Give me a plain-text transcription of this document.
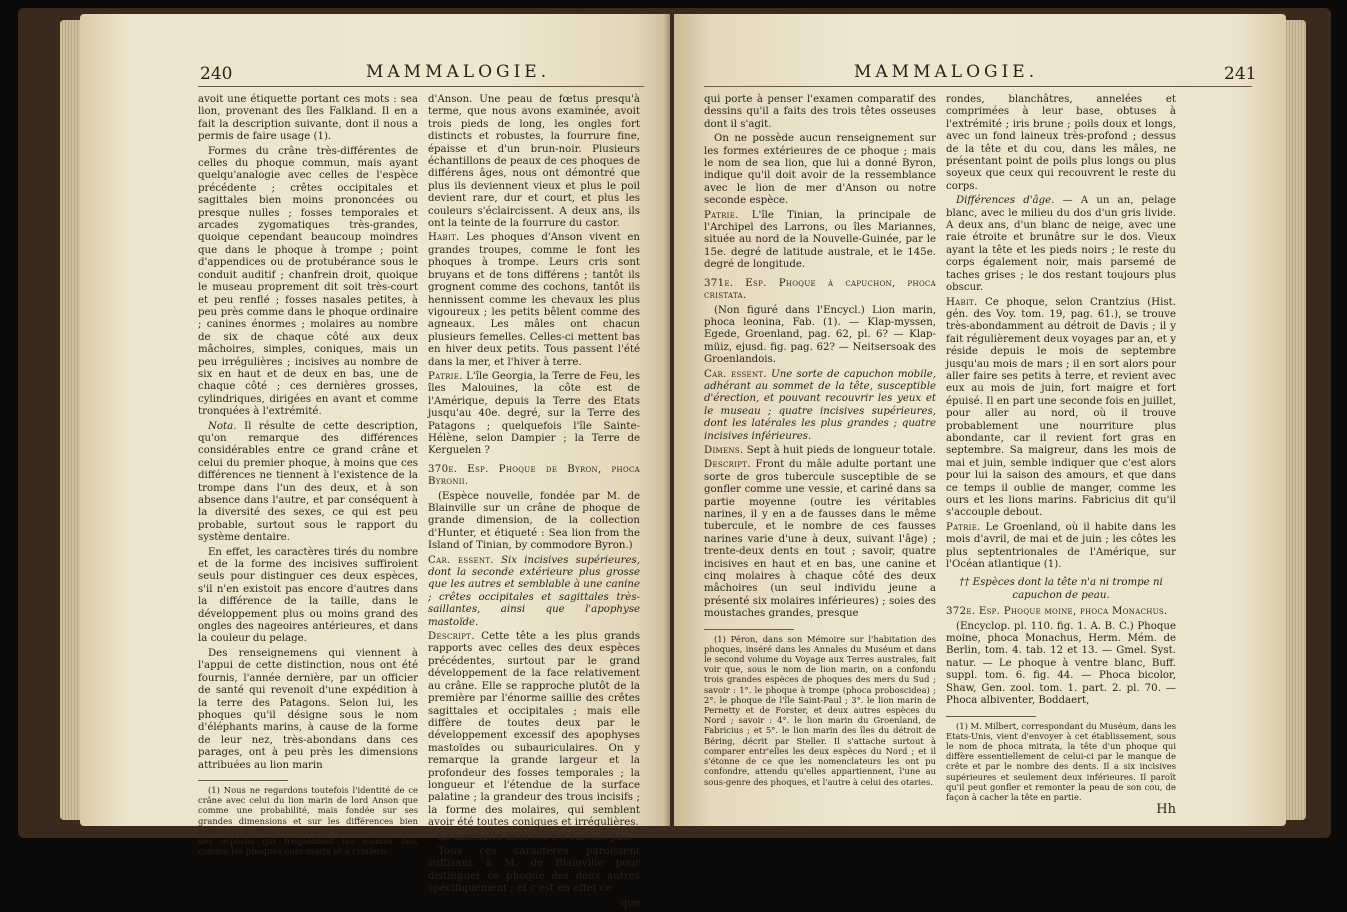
240	MAMMALOGIE.

avoit une étiquette portant ces mots : sea lion, provenant des îles Falkland. Il en a fait la description suivante, dont il nous a permis de faire usage (1).

Formes du crâne très-différentes de celles du phoque commun, mais ayant quelqu'analogie avec celles de l'espèce précédente ; crêtes occipitales et sagittales bien moins prononcées ou presque nulles ; fosses temporales et arcades zygomatiques très-grandes, quoique cependant beaucoup moindres que dans le phoque à trompe ; point d'appendices ou de protubérance sous le conduit auditif ; chanfrein droit, quoique le museau proprement dit soit très-court et peu renflé ; fosses nasales petites, à peu près comme dans le phoque ordinaire ; canines énormes ; molaires au nombre de six de chaque côté aux deux mâchoires, simples, coniques, mais un peu irrégulières ; incisives au nombre de six en haut et de deux en bas, une de chaque côté ; ces dernières grosses, cylindriques, dirigées en avant et comme tronquées à l'extrémité.

Nota. Il résulte de cette description, qu'on remarque des différences considérables entre ce grand crâne et celui du premier phoque, à moins que ces différences ne tiennent à l'existence de la trompe dans l'un des deux, et à son absence dans l'autre, et par conséquent à la diversité des sexes, ce qui est peu probable, surtout sous le rapport du système dentaire.

En effet, les caractères tirés du nombre et de la forme des incisives suffiroient seuls pour distinguer ces deux espèces, s'il n'en existoit pas encore d'autres dans la différence de la taille, dans le développement plus ou moins grand des ongles des nageoires antérieures, et dans la couleur du pelage.

Des renseignemens qui viennent à l'appui de cette distinction, nous ont été fournis, l'année dernière, par un officier de santé qui revenoit d'une expédition à la terre des Patagons. Selon lui, les phoques qu'il désigne sous le nom d'éléphants marins, à cause de la forme de leur nez, très-abondans dans ces parages, ont à peu près les dimensions attribuées au lion marin

(1) Nous ne regardons toutefois l'identité de ce crâne avec celui du lion marin de lord Anson que comme une probabilité, mais fondée sur ses grandes dimensions et sur les différences bien réelles qu'il offre, lorsqu'on le compare avec ceux des espèces qui fréquentent les mêmes îles, comme les phoques ours-marin et à crinière.

d'Anson. Une peau de fœtus presqu'à terme, que nous avons examinée, avoit trois pieds de long, les ongles fort distincts et robustes, la fourrure fine, épaisse et d'un brun-noir. Plusieurs échantillons de peaux de ces phoques de différens âges, nous ont démontré que plus ils deviennent vieux et plus le poil devient rare, dur et court, et plus les couleurs s'éclaircissent. A deux ans, ils ont la teinte de la fourrure du castor.

Habit. Les phoques d'Anson vivent en grandes troupes, comme le font les phoques à trompe. Leurs cris sont bruyans et de tons différens ; tantôt ils grognent comme des cochons, tantôt ils hennissent comme les chevaux les plus vigoureux ; les petits bêlent comme des agneaux. Les mâles ont chacun plusieurs femelles. Celles-ci mettent bas en hiver deux petits. Tous passent l'été dans la mer, et l'hiver à terre.

Patrie. L'île Georgia, la Terre de Feu, les îles Malouines, la côte est de l'Amérique, depuis la Terre des Etats jusqu'au 40e. degré, sur la Terre des Patagons ; quelquefois l'île Sainte-Hélène, selon Dampier ; la Terre de Kerguelen ?

370e. Esp. Phoque de Byron, phoca Byronii.

(Espèce nouvelle, fondée par M. de Blainville sur un crâne de phoque de grande dimension, de la collection d'Hunter, et étiqueté : Sea lion from the Island of Tinian, by commodore Byron.)

Car. essent. Six incisives supérieures, dont la seconde extérieure plus grosse que les autres et semblable à une canine ; crêtes occipitales et sagittales très-saillantes, ainsi que l'apophyse mastoïde.

Descript. Cette tête a les plus grands rapports avec celles des deux espèces précédentes, surtout par le grand développement de la face relativement au crâne. Elle se rapproche plutôt de la première par l'énorme saillie des crêtes sagittales et occipitales ; mais elle diffère de toutes deux par le développement excessif des apophyses mastoïdes ou subauriculaires. On y remarque la grande largeur et la profondeur des fosses temporales ; la longueur et l'étendue de la surface palatine ; la grandeur des trous incisifs ; la forme des molaires, qui semblent avoir été toutes coniques et irrégulières.

La mâchoire inférieure n'existoit pas.

Tous ces caractères paroissent suffisans à M. de Blainville pour distinguer ce phoque des deux autres spécifiquement ; et c'est en effet ce

que

MAMMALOGIE.	241

qui porte à penser l'examen comparatif des dessins qu'il a faits des trois têtes osseuses dont il s'agit.

On ne possède aucun renseignement sur les formes extérieures de ce phoque ; mais le nom de sea lion, que lui a donné Byron, indique qu'il doit avoir de la ressemblance avec le lion de mer d'Anson ou notre seconde espèce.

Patrie. L'île Tinian, la principale de l'Archipel des Larrons, ou îles Mariannes, située au nord de la Nouvelle-Guinée, par le 15e. degré de latitude australe, et le 145e. degré de longitude.

371e. Esp. Phoque à capuchon, phoca cristata.

(Non figuré dans l'Encycl.) Lion marin, phoca leonina, Fab. (1). — Klap-myssen, Egede, Groenland, pag. 62, pl. 6? — Klap-müiz, ejusd. fig. pag. 62? — Neitsersoak des Groenlandois.

Car. essent. Une sorte de capuchon mobile, adhérant au sommet de la tête, susceptible d'érection, et pouvant recouvrir les yeux et le museau ; quatre incisives supérieures, dont les latérales les plus grandes ; quatre incisives inférieures.

Dimens. Sept à huit pieds de longueur totale.

Descript. Front du mâle adulte portant une sorte de gros tubercule susceptible de se gonfler comme une vessie, et cariné dans sa partie moyenne (outre les véritables narines, il y en a de fausses dans le même tubercule, et le nombre de ces fausses narines varie d'une à deux, suivant l'âge) ; trente-deux dents en tout ; savoir, quatre incisives en haut et en bas, une canine et cinq molaires à chaque côté des deux mâchoires (un seul individu jeune a présenté six molaires inférieures) ; soies des moustaches grandes, presque

(1) Péron, dans son Mémoire sur l'habitation des phoques, inséré dans les Annales du Muséum et dans le second volume du Voyage aux Terres australes, fait voir que, sous le nom de lion marin, on a confondu trois grandes espèces de phoques des mers du Sud ; savoir : 1°. le phoque à trompe (phoca proboscidea) ; 2°. le phoque de l'île Saint-Paul ; 3°. le lion marin de Pernetty et de Forster, et deux autres espèces du Nord ; savoir : 4°. le lion marin du Groenland, de Fabricius ; et 5°. le lion marin des îles du détroit de Béring, décrit par Steller. Il s'attache surtout à comparer entr'elles les deux espèces du Nord ; et il s'étonne de ce que les nomenclateurs les ont pu confondre, attendu qu'elles appartiennent, l'une au sous-genre des phoques, et l'autre à celui des otaries.

rondes, blanchâtres, annelées et comprimées à leur base, obtuses à l'extrémité ; iris brune ; poils doux et longs, avec un fond laineux très-profond ; dessus de la tête et du cou, dans les mâles, ne présentant point de poils plus longs ou plus soyeux que ceux qui recouvrent le reste du corps.

Différences d'âge. — A un an, pelage blanc, avec le milieu du dos d'un gris livide. A deux ans, d'un blanc de neige, avec une raie étroite et brunâtre sur le dos. Vieux ayant la tête et les pieds noirs ; le reste du corps également noir, mais parsemé de taches grises ; le dos restant toujours plus obscur.

Habit. Ce phoque, selon Crantzius (Hist. gén. des Voy. tom. 19, pag. 61.), se trouve très-abondamment au détroit de Davis ; il y fait régulièrement deux voyages par an, et y réside depuis le mois de septembre jusqu'au mois de mars ; il en sort alors pour aller faire ses petits à terre, et revient avec eux au mois de juin, fort maigre et fort épuisé. Il en part une seconde fois en juillet, pour aller au nord, où il trouve probablement une nourriture plus abondante, car il revient fort gras en septembre. Sa maigreur, dans les mois de mai et juin, semble indiquer que c'est alors pour lui la saison des amours, et que dans ce temps il oublie de manger, comme les ours et les lions marins. Fabricius dit qu'il s'accouple debout.

Patrie. Le Groenland, où il habite dans les mois d'avril, de mai et de juin ; les côtes les plus septentrionales de l'Amérique, sur l'Océan atlantique (1).

†† Espèces dont la tête n'a ni trompe ni capuchon de peau.

372e. Esp. Phoque moine, phoca Monachus.

(Encyclop. pl. 110. fig. 1. A. B. C.) Phoque moine, phoca Monachus, Herm. Mém. de Berlin, tom. 4. tab. 12 et 13. — Gmel. Syst. natur. — Le phoque à ventre blanc, Buff. suppl. tom. 6. fig. 44. — Phoca bicolor, Shaw, Gen. zool. tom. 1. part. 2. pl. 70. — Phoca albiventer, Boddaert,

(1) M. Milbert, correspondant du Muséum, dans les Etats-Unis, vient d'envoyer à cet établissement, sous le nom de phoca mitrata, la tête d'un phoque qui diffère essentiellement de celui-ci par le manque de crête et par le nombre des dents. Il a six incisives supérieures et seulement deux inférieures. Il paroît qu'il peut gonfler et remonter la peau de son cou, de façon à cacher la tête en partie.

Hh
